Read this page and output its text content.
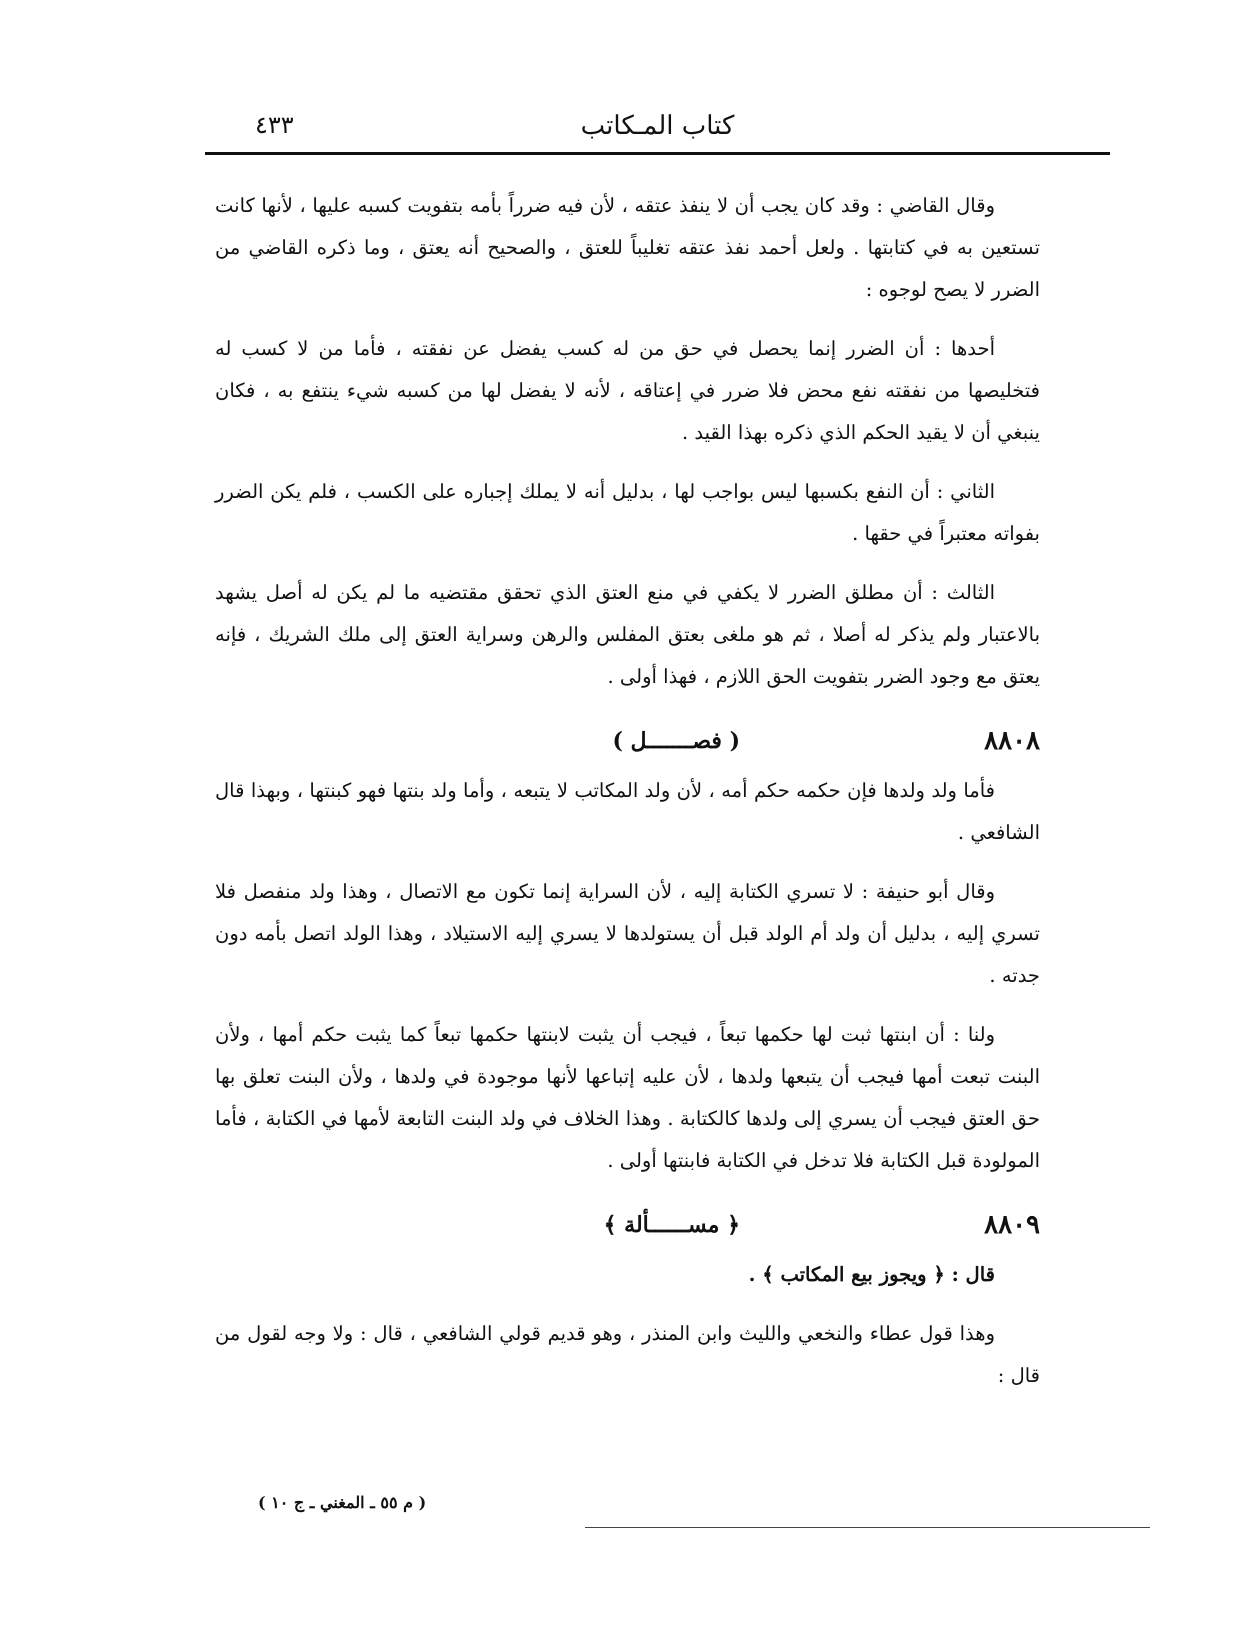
كتاب المـكاتب
٤٣٣

وقال القاضي : وقد كان يجب أن لا ينفذ عتقه ، لأن فيه ضرراً بأمه بتفويت كسبه عليها ، لأنها كانت تستعين به في كتابتها . ولعل أحمد نفذ عتقه تغليباً للعتق ، والصحيح أنه يعتق ، وما ذكره القاضي من الضرر لا يصح لوجوه :

أحدها : أن الضرر إنما يحصل في حق من له كسب يفضل عن نفقته ، فأما من لا كسب له فتخليصها من نفقته نفع محض فلا ضرر في إعتاقه ، لأنه لا يفضل لها من كسبه شيء ينتفع به ، فكان ينبغي أن لا يقيد الحكم الذي ذكره بهذا القيد .

الثاني : أن النفع بكسبها ليس بواجب لها ، بدليل أنه لا يملك إجباره على الكسب ، فلم يكن الضرر بفواته معتبراً في حقها .

الثالث : أن مطلق الضرر لا يكفي في منع العتق الذي تحقق مقتضيه ما لم يكن له أصل يشهد بالاعتبار ولم يذكر له أصلا ، ثم هو ملغى بعتق المفلس والرهن وسراية العتق إلى ملك الشريك ، فإنه يعتق مع وجود الضرر بتفويت الحق اللازم ، فهذا أولى .

٨٨٠٨
( فصـــــــل )

فأما ولد ولدها فإن حكمه حكم أمه ، لأن ولد المكاتب لا يتبعه ، وأما ولد بنتها فهو كبنتها ، وبهذا قال الشافعي .

وقال أبو حنيفة : لا تسري الكتابة إليه ، لأن السراية إنما تكون مع الاتصال ، وهذا ولد منفصل فلا تسري إليه ، بدليل أن ولد أم الولد قبل أن يستولدها لا يسري إليه الاستيلاد ، وهذا الولد اتصل بأمه دون جدته .

ولنا : أن ابنتها ثبت لها حكمها تبعاً ، فيجب أن يثبت لابنتها حكمها تبعاً كما يثبت حكم أمها ، ولأن البنت تبعت أمها فيجب أن يتبعها ولدها ، لأن عليه إتباعها لأنها موجودة في ولدها ، ولأن البنت تعلق بها حق العتق فيجب أن يسري إلى ولدها كالكتابة . وهذا الخلاف في ولد البنت التابعة لأمها في الكتابة ، فأما المولودة قبل الكتابة فلا تدخل في الكتابة فابنتها أولى .

٨٨٠٩
﴿ مســــــألة ﴾

قال : ﴿ ويجوز بيع المكاتب ﴾ .

وهذا قول عطاء والنخعي والليث وابن المنذر ، وهو قديم قولي الشافعي ، قال : ولا وجه لقول من قال :

( م ٥٥ ـ المغني ـ ج ١٠ )
